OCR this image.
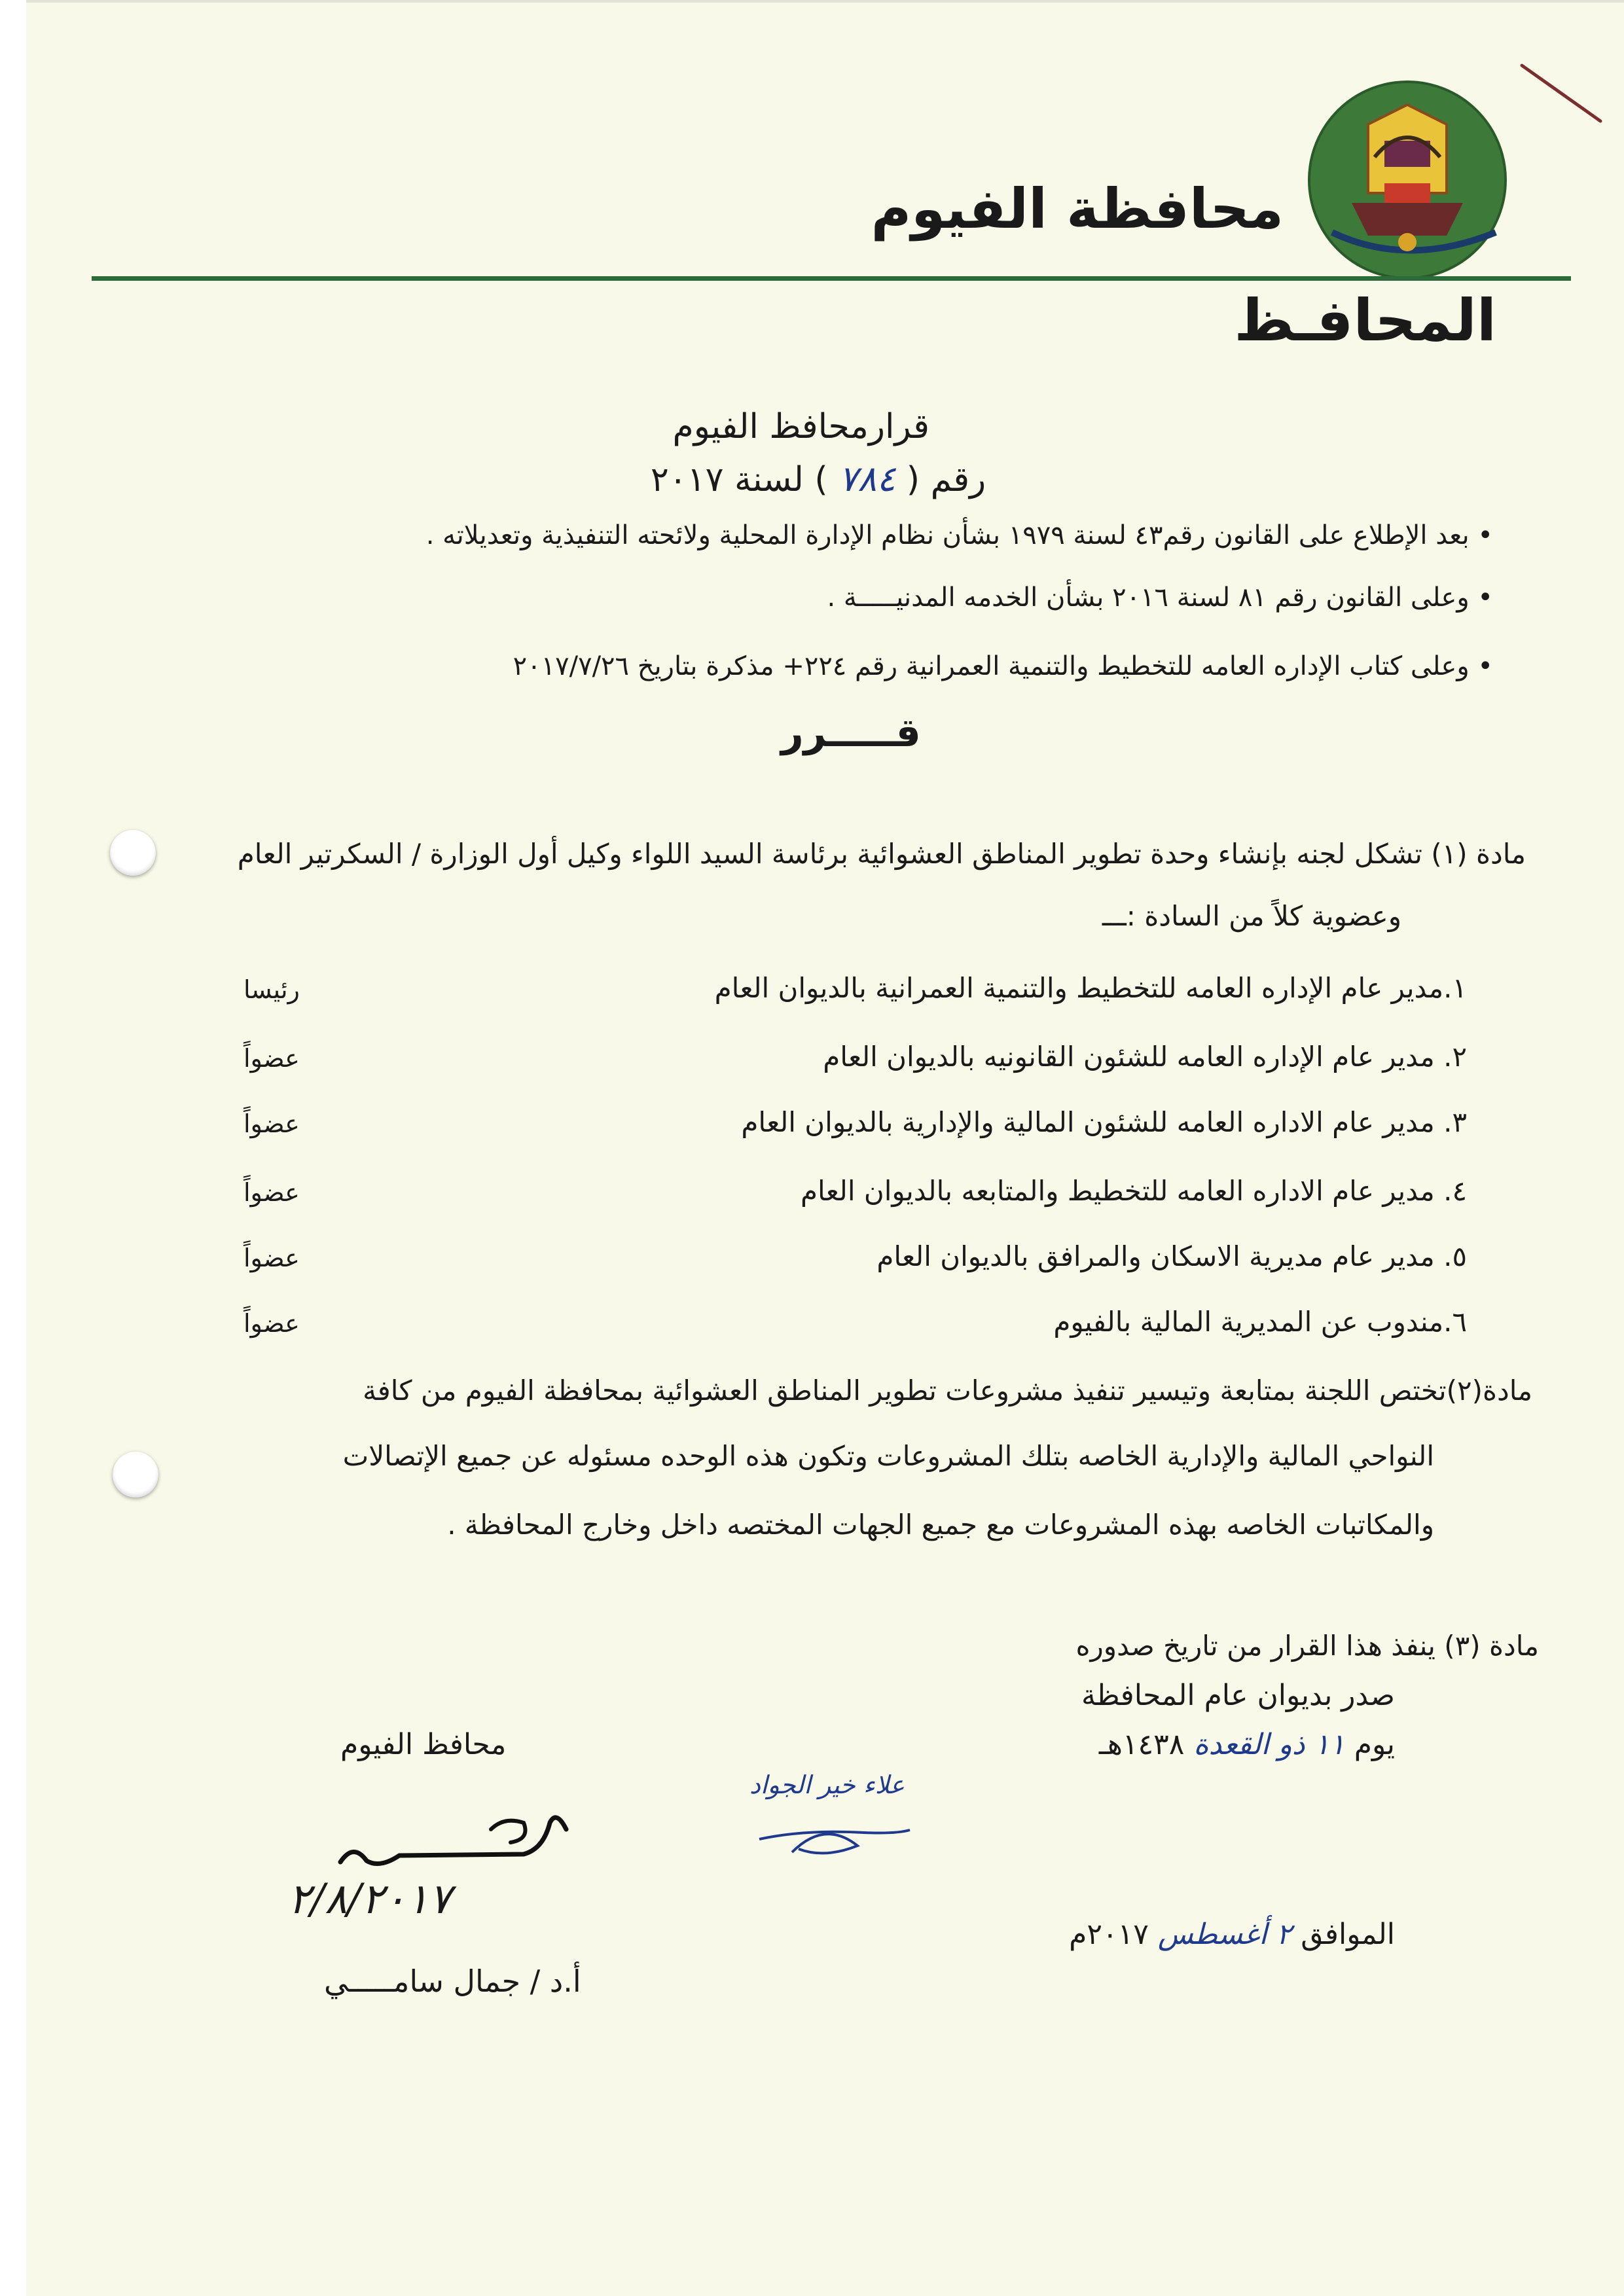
محافظة الفيوم
المحافـظ
قرارمحافظ الفيوم
رقم ( ٧٨٤ ) لسنة ٢٠١٧
• بعد الإطلاع على القانون رقم٤٣ لسنة ١٩٧٩ بشأن نظام الإدارة المحلية ولائحته التنفيذية وتعديلاته .
• وعلى القانون رقم ٨١ لسنة ٢٠١٦ بشأن الخدمه المدنيـــــة .
• وعلى كتاب الإداره العامه للتخطيط والتنمية العمرانية رقم ٢٢٤+ مذكرة بتاريخ ٢٠١٧/٧/٢٦
قـــــرر
مادة (١) تشكل لجنه بإنشاء وحدة تطوير المناطق العشوائية برئاسة السيد اللواء وكيل أول الوزارة / السكرتير العام
وعضوية كلاً من السادة :ـــ
١.مدير عام الإداره العامه للتخطيط والتنمية العمرانية بالديوان العام
رئيسا
٢. مدير عام الإداره العامه للشئون القانونيه بالديوان العام
عضواً
٣. مدير عام الاداره العامه للشئون المالية والإدارية بالديوان العام
عضواً
٤. مدير عام الاداره العامه للتخطيط والمتابعه بالديوان العام
عضواً
٥. مدير عام مديرية الاسكان والمرافق بالديوان العام
عضواً
٦.مندوب عن المديرية المالية بالفيوم
عضواً
مادة(٢)تختص اللجنة بمتابعة وتيسير تنفيذ مشروعات تطوير المناطق العشوائية بمحافظة الفيوم من كافة
النواحي المالية والإدارية الخاصه بتلك المشروعات وتكون هذه الوحده مسئوله عن جميع الإتصالات
والمكاتبات الخاصه بهذه المشروعات مع جميع الجهات المختصه داخل وخارج المحافظة .
مادة (٣) ينفذ هذا القرار من تاريخ صدوره
صدر بديوان عام المحافظة
يوم ١١ ذو القعدة ١٤٣٨هـ
الموافق ٢ أغسطس ٢٠١٧م
محافظ الفيوم
٢/٨/٢٠١٧
أ.د / جمال سامـــــي
علاء خير الجواد
